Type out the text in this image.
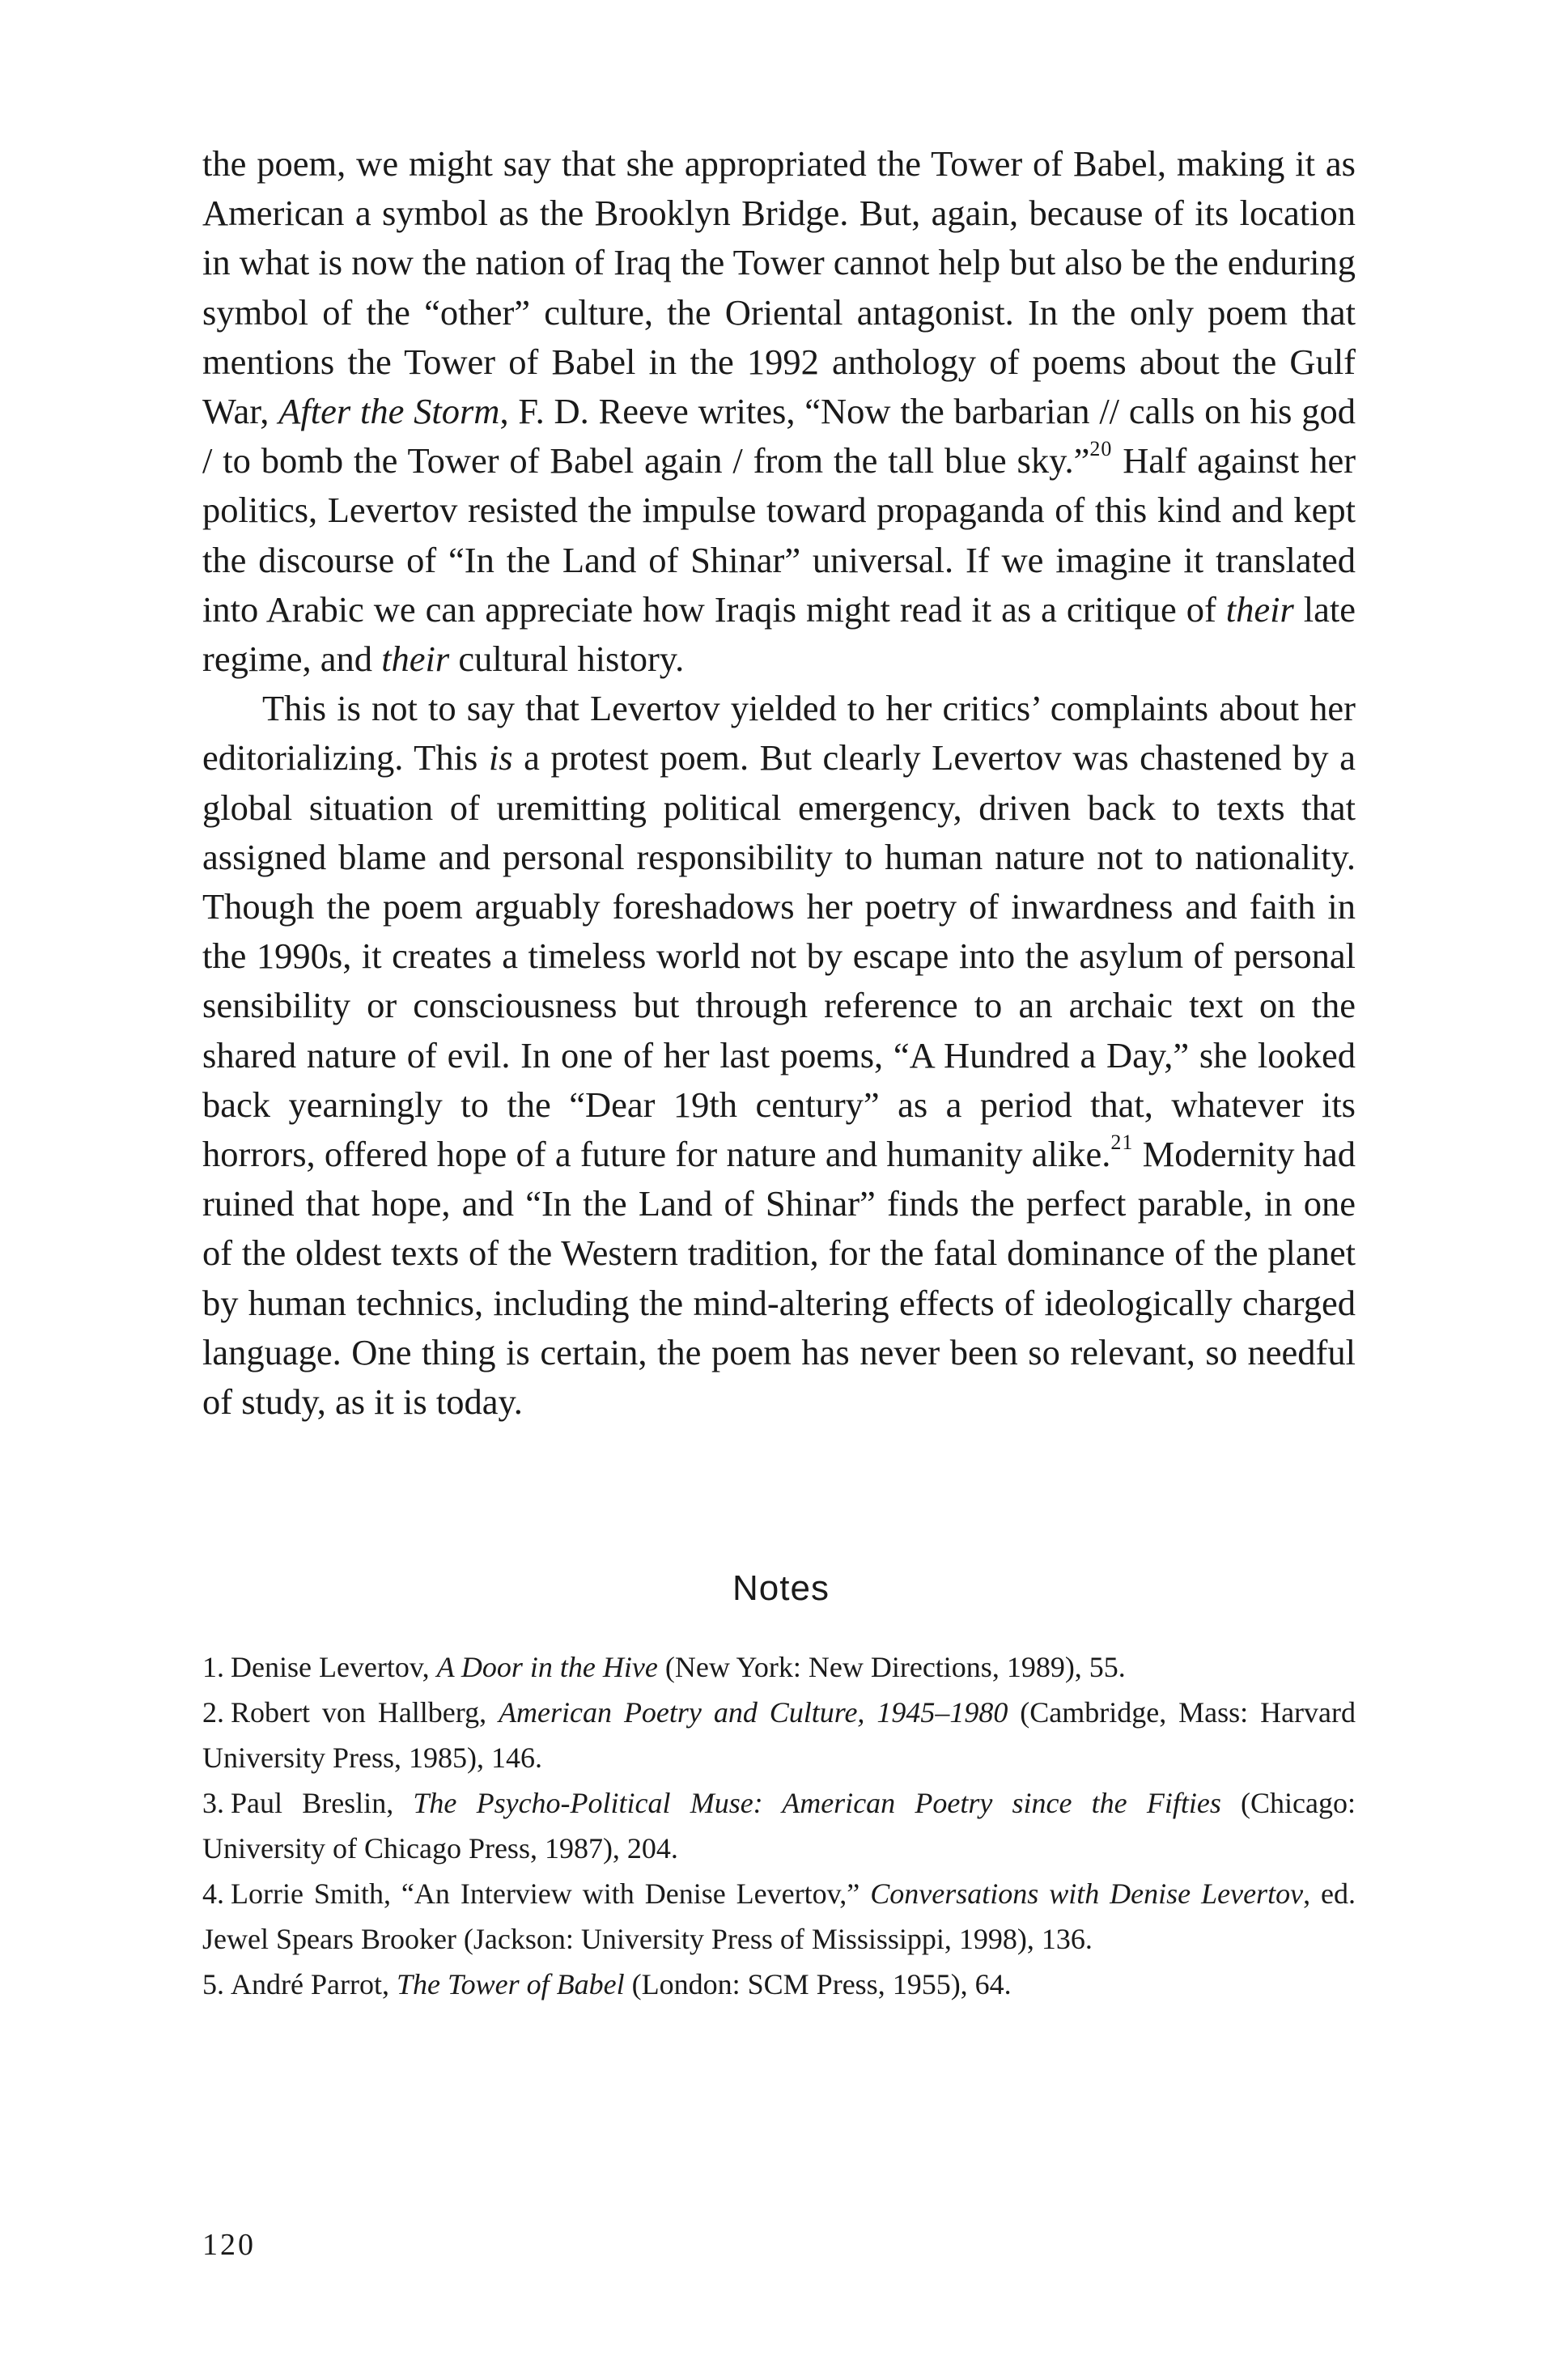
the poem, we might say that she appropriated the Tower of Babel, making it as American a symbol as the Brooklyn Bridge. But, again, because of its location in what is now the nation of Iraq the Tower cannot help but also be the enduring symbol of the “other” culture, the Oriental antagonist. In the only poem that mentions the Tower of Babel in the 1992 anthology of poems about the Gulf War, After the Storm, F. D. Reeve writes, “Now the barbarian // calls on his god / to bomb the Tower of Babel again / from the tall blue sky.”$^{20}$ Half against her politics, Levertov resisted the impulse toward propaganda of this kind and kept the discourse of “In the Land of Shinar” universal. If we imagine it translated into Arabic we can appreciate how Iraqis might read it as a critique of their late regime, and their cultural history.

This is not to say that Levertov yielded to her critics’ complaints about her editorializing. This is a protest poem. But clearly Levertov was chastened by a global situation of uremitting political emergency, driven back to texts that assigned blame and personal responsibility to human nature not to nationality. Though the poem arguably foreshadows her poetry of inwardness and faith in the 1990s, it creates a timeless world not by escape into the asylum of personal sensibility or consciousness but through reference to an archaic text on the shared nature of evil. In one of her last poems, “A Hundred a Day,” she looked back yearningly to the “Dear 19th century” as a period that, whatever its horrors, offered hope of a future for nature and humanity alike.$^{21}$ Modernity had ruined that hope, and “In the Land of Shinar” finds the perfect parable, in one of the oldest texts of the Western tradition, for the fatal dominance of the planet by human technics, including the mind-altering effects of ideologically charged language. One thing is certain, the poem has never been so relevant, so needful of study, as it is today.

Notes
1. Denise Levertov, A Door in the Hive (New York: New Directions, 1989), 55.
2. Robert von Hallberg, American Poetry and Culture, 1945–1980 (Cambridge, Mass: Harvard University Press, 1985), 146.
3. Paul Breslin, The Psycho-Political Muse: American Poetry since the Fifties (Chicago: University of Chicago Press, 1987), 204.
4. Lorrie Smith, “An Interview with Denise Levertov,” Conversations with Denise Levertov, ed. Jewel Spears Brooker (Jackson: University Press of Mississippi, 1998), 136.
5. André Parrot, The Tower of Babel (London: SCM Press, 1955), 64.

120
